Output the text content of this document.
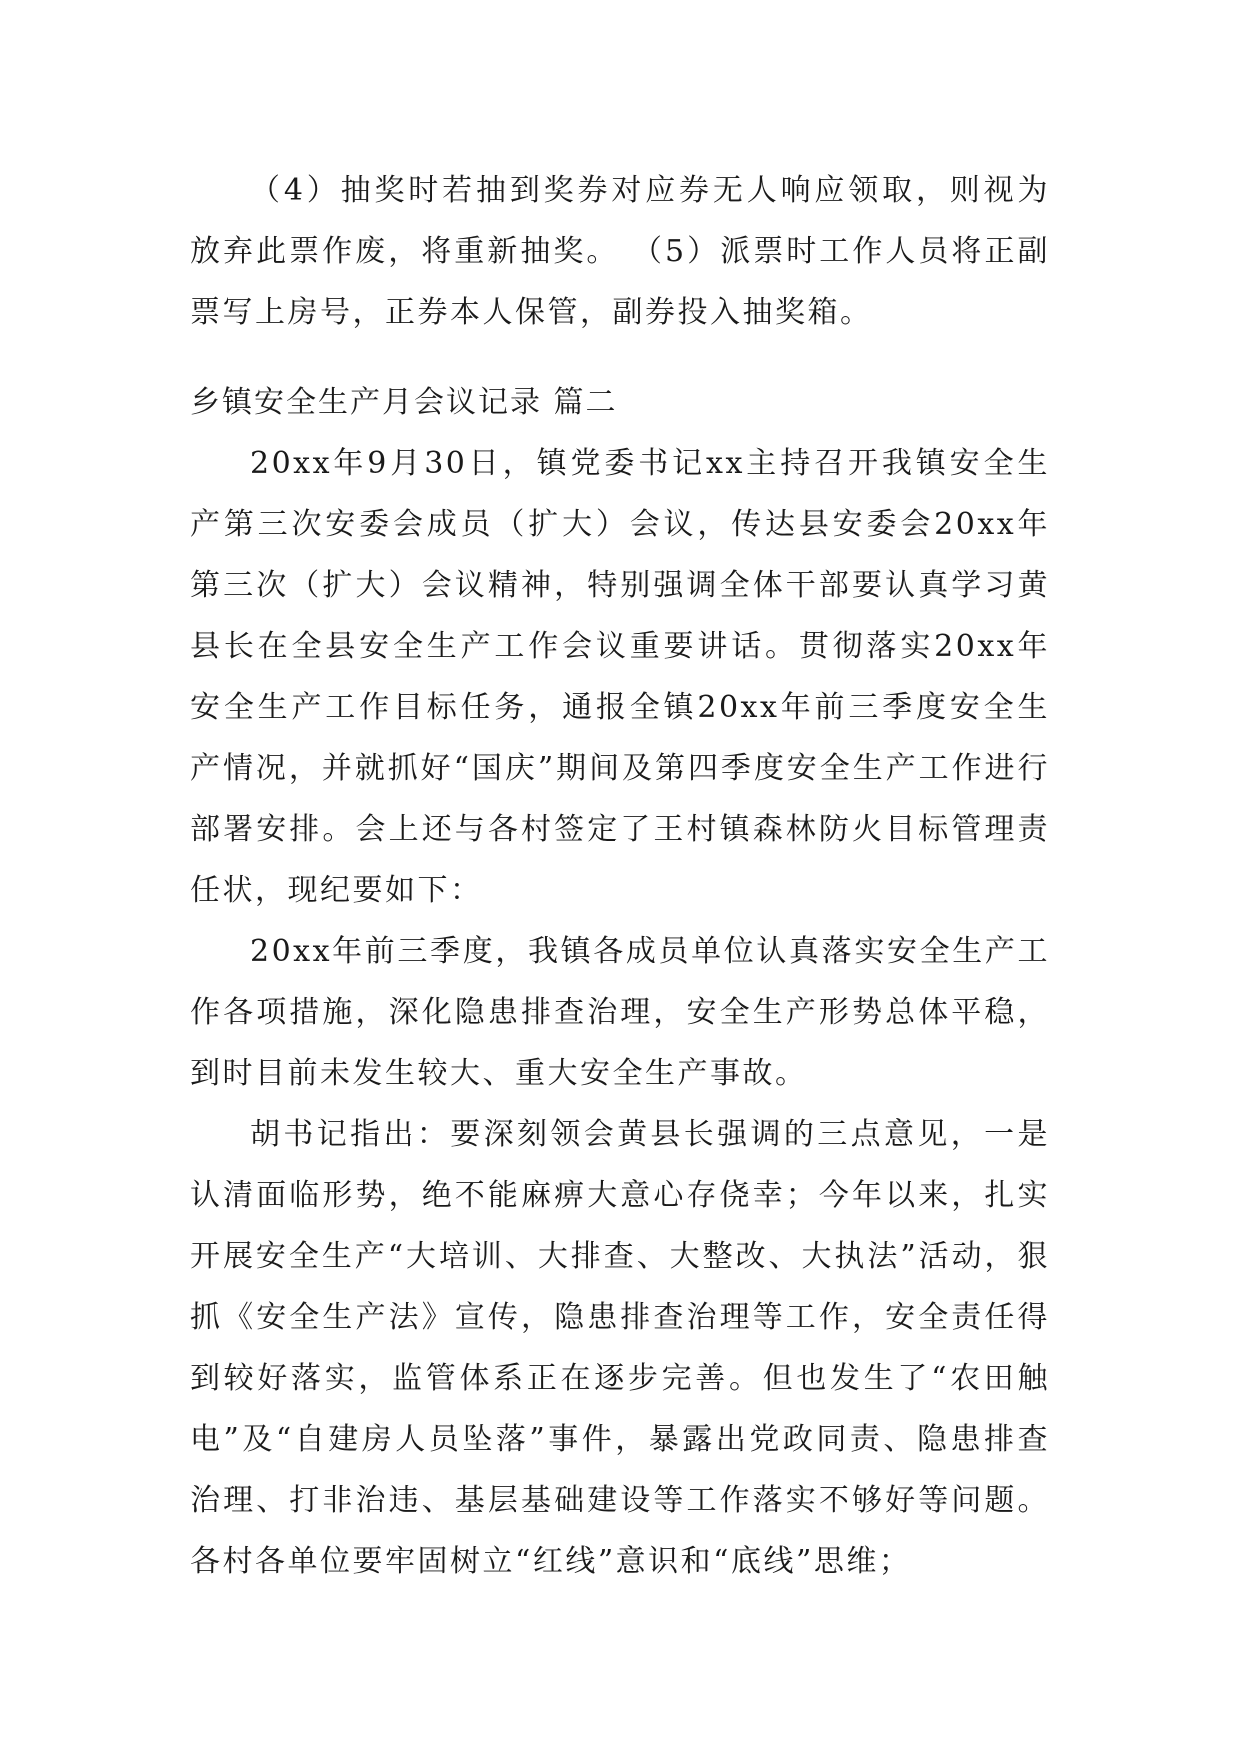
（4）抽奖时若抽到奖券对应券无人响应领取，则视为放弃此票作废，将重新抽奖。 （5）派票时工作人员将正副票写上房号，正券本人保管，副券投入抽奖箱。

乡镇安全生产月会议记录 篇二

20xx年9月30日，镇党委书记xx主持召开我镇安全生产第三次安委会成员（扩大）会议，传达县安委会20xx年第三次（扩大）会议精神，特别强调全体干部要认真学习黄县长在全县安全生产工作会议重要讲话。贯彻落实20xx年安全生产工作目标任务，通报全镇20xx年前三季度安全生产情况，并就抓好“国庆”期间及第四季度安全生产工作进行部署安排。会上还与各村签定了王村镇森林防火目标管理责任状，现纪要如下：

20xx年前三季度，我镇各成员单位认真落实安全生产工作各项措施，深化隐患排查治理，安全生产形势总体平稳，到时目前未发生较大、重大安全生产事故。

胡书记指出：要深刻领会黄县长强调的三点意见，一是认清面临形势，绝不能麻痹大意心存侥幸；今年以来，扎实开展安全生产“大培训、大排查、大整改、大执法”活动，狠抓《安全生产法》宣传，隐患排查治理等工作，安全责任得到较好落实，监管体系正在逐步完善。但也发生了“农田触电”及“自建房人员坠落”事件，暴露出党政同责、隐患排查治理、打非治违、基层基础建设等工作落实不够好等问题。各村各单位要牢固树立“红线”意识和“底线”思维；
